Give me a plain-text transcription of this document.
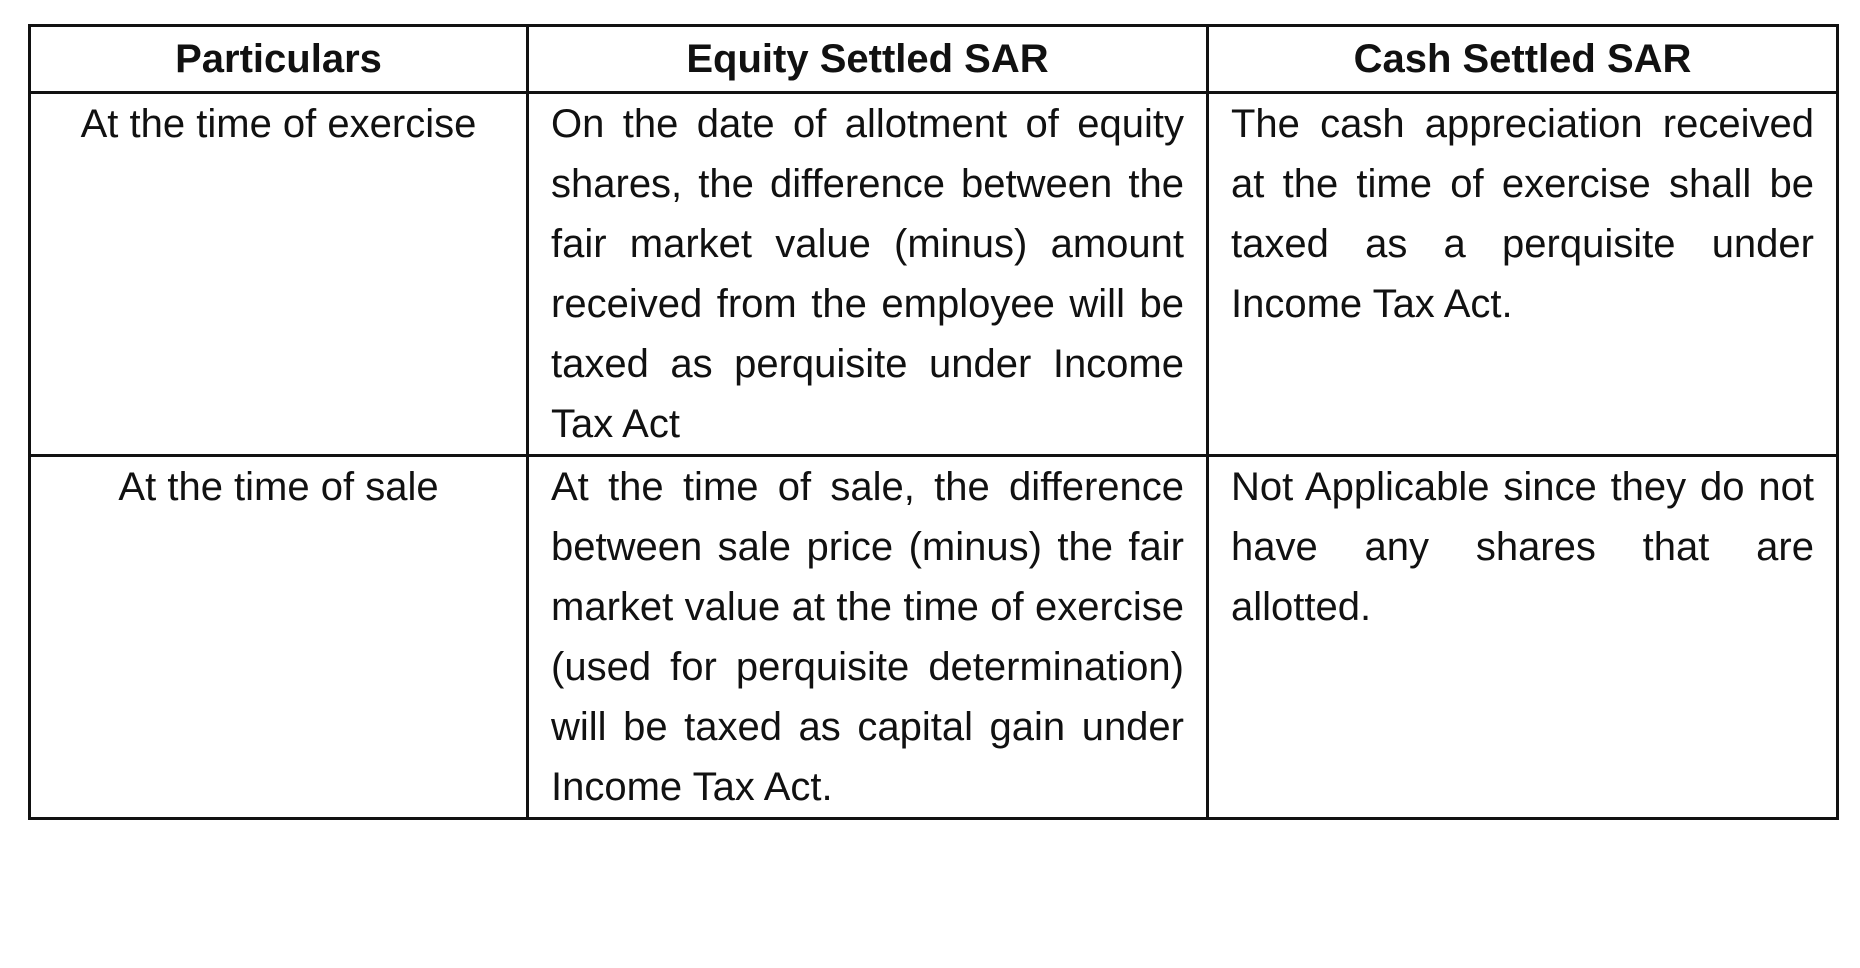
Particulars	Equity Settled SAR	Cash Settled SAR
At the time of exercise	On the date of allotment of equity shares, the difference between the fair market value (minus) amount received from the employee will be taxed as perquisite under Income Tax Act	The cash appreciation received at the time of exercise shall be taxed as a perquisite under Income Tax Act.
At the time of sale	At the time of sale, the difference between sale price (minus) the fair market value at the time of exercise (used for perquisite determination) will be taxed as capital gain under Income Tax Act.	Not Applicable since they do not have any shares that are allotted.
